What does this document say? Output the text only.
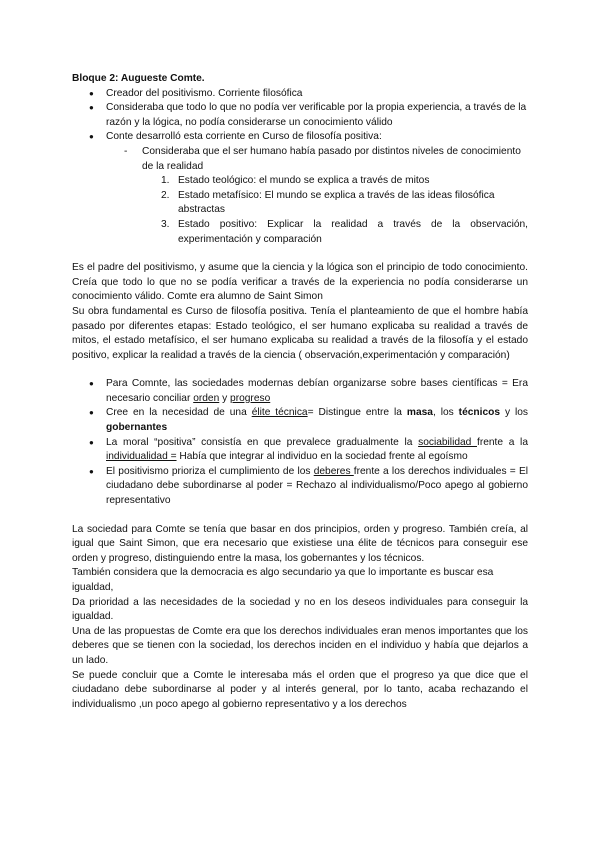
Bloque 2: Augueste Comte.

● Creador del positivismo. Corriente filosófica
● Consideraba que todo lo que no podía ver verificable por la propia experiencia, a través de la razón y la lógica, no podía considerarse un conocimiento válido
● Conte desarrolló esta corriente en Curso de filosofía positiva:
- Consideraba que el ser humano había pasado por distintos niveles de conocimiento de la realidad
1. Estado teológico: el mundo se explica a través de mitos
2. Estado metafísico: El mundo se explica a través de las ideas filosófica abstractas
3. Estado positivo: Explicar la realidad a través de la observación, experimentación y comparación

Es el padre del positivismo, y asume que la ciencia y la lógica son el principio de todo conocimiento. Creía que todo lo que no se podía verificar a través de la experiencia no podía considerarse un conocimiento válido. Comte era alumno de Saint Simon

Su obra fundamental es Curso de filosofía positiva. Tenía el planteamiento de que el hombre había pasado por diferentes etapas: Estado teológico, el ser humano explicaba su realidad a través de mitos, el estado metafísico, el ser humano explicaba su realidad a través de la filosofía y el estado positivo, explicar la realidad a través de la ciencia ( observación,experimentación y comparación)

● Para Comnte, las sociedades modernas debían organizarse sobre bases científicas = Era necesario conciliar orden y progreso
● Cree en la necesidad de una élite técnica= Distingue entre la masa, los técnicos y los gobernantes
● La moral “positiva” consistía en que prevalece gradualmente la sociabilidad frente a la individualidad = Había que integrar al individuo en la sociedad frente al egoísmo
● El positivismo prioriza el cumplimiento de los deberes frente a los derechos individuales = El ciudadano debe subordinarse al poder = Rechazo al individualismo/Poco apego al gobierno representativo

La sociedad para Comte se tenía que basar en dos principios, orden y progreso. También creía, al igual que Saint Simon, que era necesario que existiese una élite de técnicos para conseguir ese orden y progreso, distinguiendo entre la masa, los gobernantes y los técnicos.

También considera que la democracia es algo secundario ya que lo importante es buscar esa igualdad,

Da prioridad a las necesidades de la sociedad y no en los deseos individuales para conseguir la igualdad.

Una de las propuestas de Comte era que los derechos individuales eran menos importantes que los deberes que se tienen con la sociedad, los derechos inciden en el individuo y había que dejarlos a un lado.

Se puede concluir que a Comte le interesaba más el orden que el progreso ya que dice que el ciudadano debe subordinarse al poder y al interés general, por lo tanto, acaba rechazando el individualismo ,un poco apego al gobierno representativo y a los derechos
